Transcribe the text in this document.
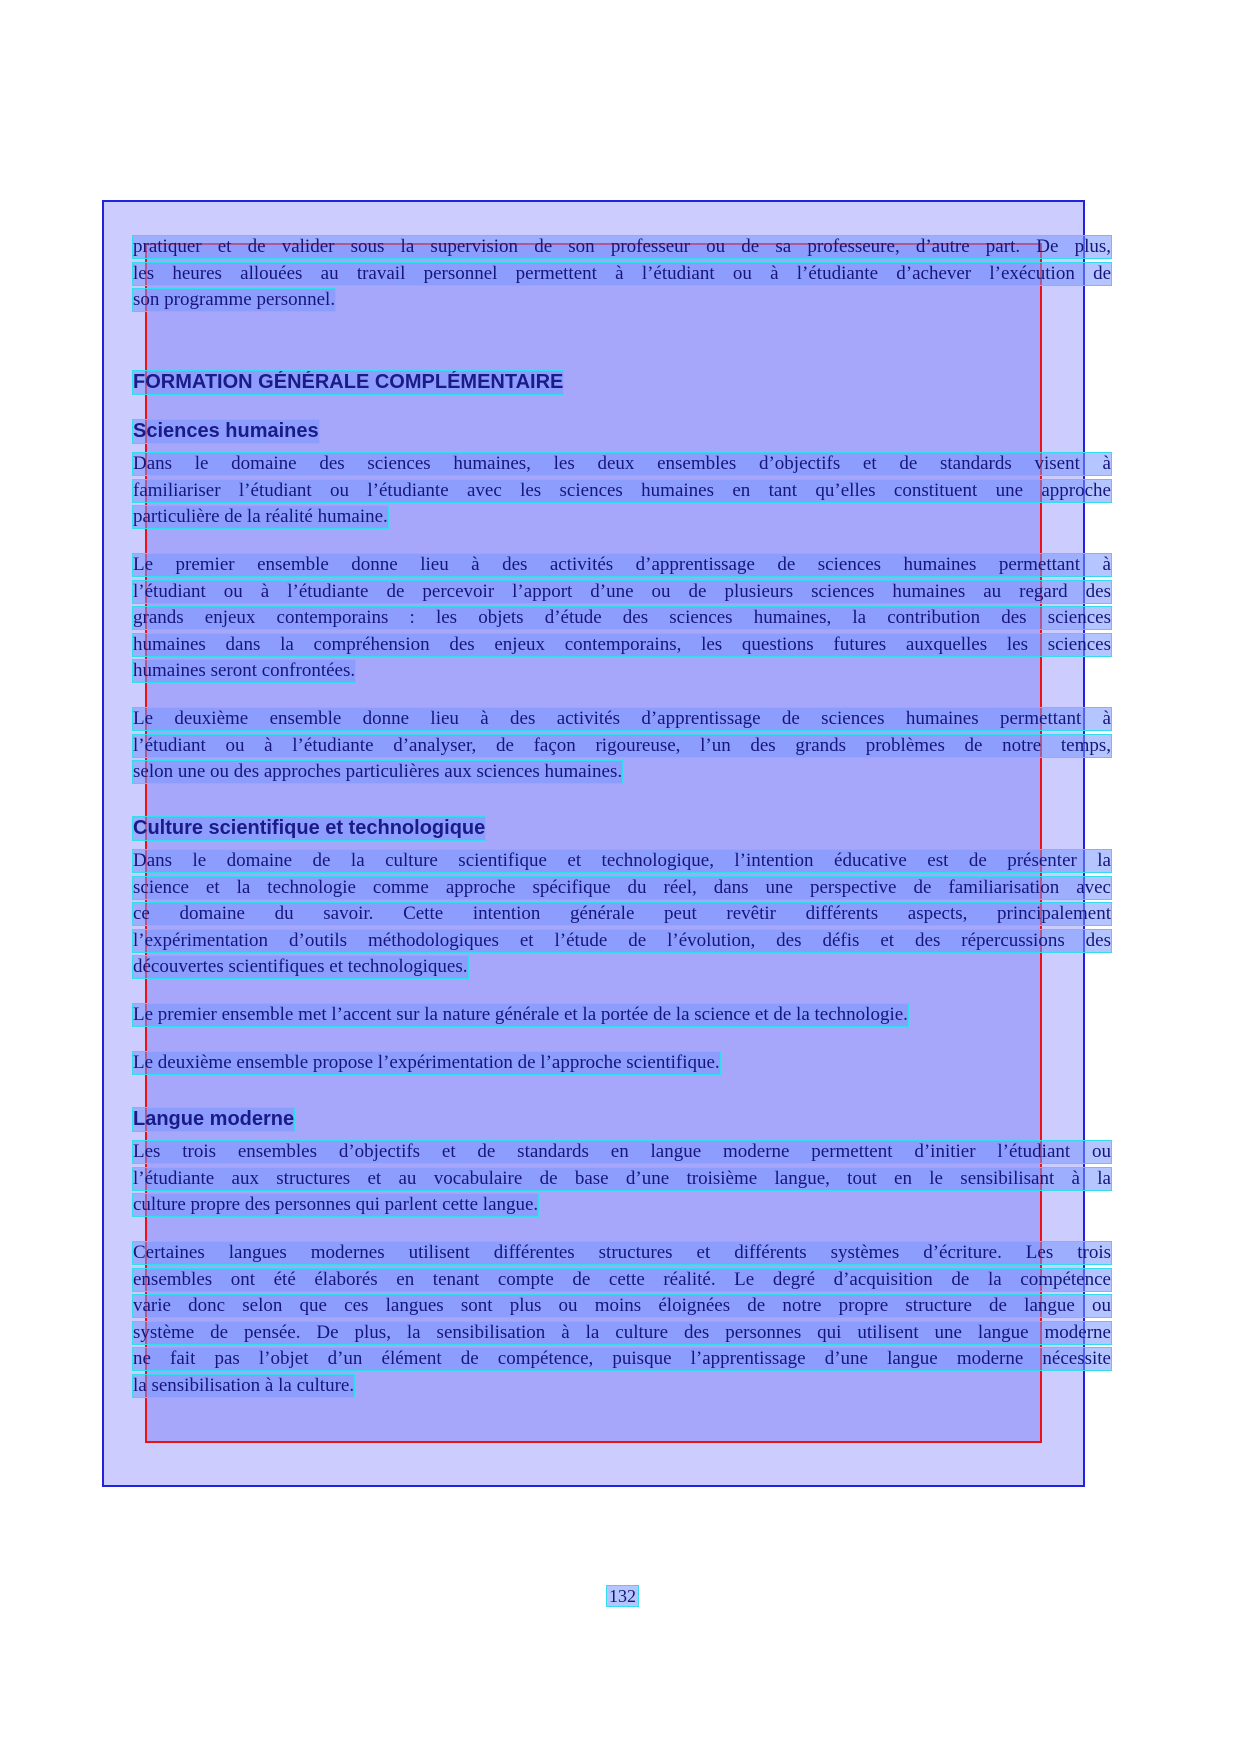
pratiquer et de valider sous la supervision de son professeur ou de sa professeure, d’autre part. De plus,
les heures allouées au travail personnel permettent à l’étudiant ou à l’étudiante d’achever l’exécution de
son programme personnel.
FORMATION GÉNÉRALE COMPLÉMENTAIRE
Sciences humaines
Dans le domaine des sciences humaines, les deux ensembles d’objectifs et de standards visent à
familiariser l’étudiant ou l’étudiante avec les sciences humaines en tant qu’elles constituent une approche
particulière de la réalité humaine.
Le premier ensemble donne lieu à des activités d’apprentissage de sciences humaines permettant à
l’étudiant ou à l’étudiante de percevoir l’apport d’une ou de plusieurs sciences humaines au regard des
grands enjeux contemporains : les objets d’étude des sciences humaines, la contribution des sciences
humaines dans la compréhension des enjeux contemporains, les questions futures auxquelles les sciences
humaines seront confrontées.
Le deuxième ensemble donne lieu à des activités d’apprentissage de sciences humaines permettant à
l’étudiant ou à l’étudiante d’analyser, de façon rigoureuse, l’un des grands problèmes de notre temps,
selon une ou des approches particulières aux sciences humaines.
Culture scientifique et technologique
Dans le domaine de la culture scientifique et technologique, l’intention éducative est de présenter la
science et la technologie comme approche spécifique du réel, dans une perspective de familiarisation avec
ce domaine du savoir. Cette intention générale peut revêtir différents aspects, principalement
l’expérimentation d’outils méthodologiques et l’étude de l’évolution, des défis et des répercussions des
découvertes scientifiques et technologiques.
Le premier ensemble met l’accent sur la nature générale et la portée de la science et de la technologie.
Le deuxième ensemble propose l’expérimentation de l’approche scientifique.
Langue moderne
Les trois ensembles d’objectifs et de standards en langue moderne permettent d’initier l’étudiant ou
l’étudiante aux structures et au vocabulaire de base d’une troisième langue, tout en le sensibilisant à la
culture propre des personnes qui parlent cette langue.
Certaines langues modernes utilisent différentes structures et différents systèmes d’écriture. Les trois
ensembles ont été élaborés en tenant compte de cette réalité. Le degré d’acquisition de la compétence
varie donc selon que ces langues sont plus ou moins éloignées de notre propre structure de langue ou
système de pensée. De plus, la sensibilisation à la culture des personnes qui utilisent une langue moderne
ne fait pas l’objet d’un élément de compétence, puisque l’apprentissage d’une langue moderne nécessite
la sensibilisation à la culture.
132
